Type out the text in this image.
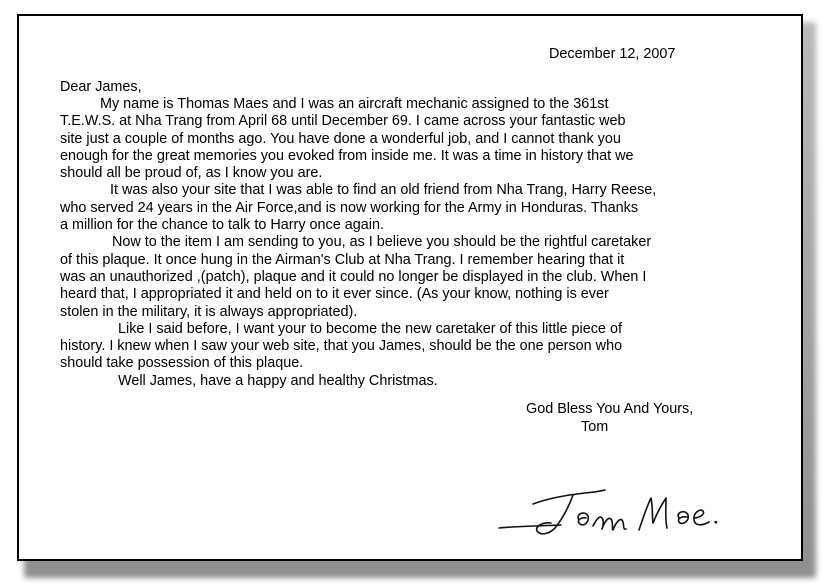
December 12, 2007
Dear James,

My name is Thomas Maes and I was an aircraft mechanic assigned to the 361st
T.E.W.S. at Nha Trang from April 68 until December 69. I came across your fantastic web
site just a couple of months ago. You have done a wonderful job, and I cannot thank you
enough for the great memories you evoked from inside me. It was a time in history that we
should all be proud of, as I know you are.

It was also your site that I was able to find an old friend from Nha Trang, Harry Reese,
who served 24 years in the Air Force,and is now working for the Army in Honduras. Thanks
a million for the chance to talk to Harry once again.

Now to the item I am sending to you, as I believe you should be the rightful caretaker
of this plaque. It once hung in the Airman's Club at Nha Trang. I remember hearing that it
was an unauthorized ,(patch), plaque and it could no longer be displayed in the club. When I
heard that, I appropriated it and held on to it ever since. (As your know, nothing is ever
stolen in the military, it is always appropriated).

Like I said before, I want your to become the new caretaker of this little piece of
history. I knew when I saw your web site, that you James, should be the one person who
should take possession of this plaque.

Well James, have a happy and healthy Christmas.

God Bless You And Yours,
Tom
